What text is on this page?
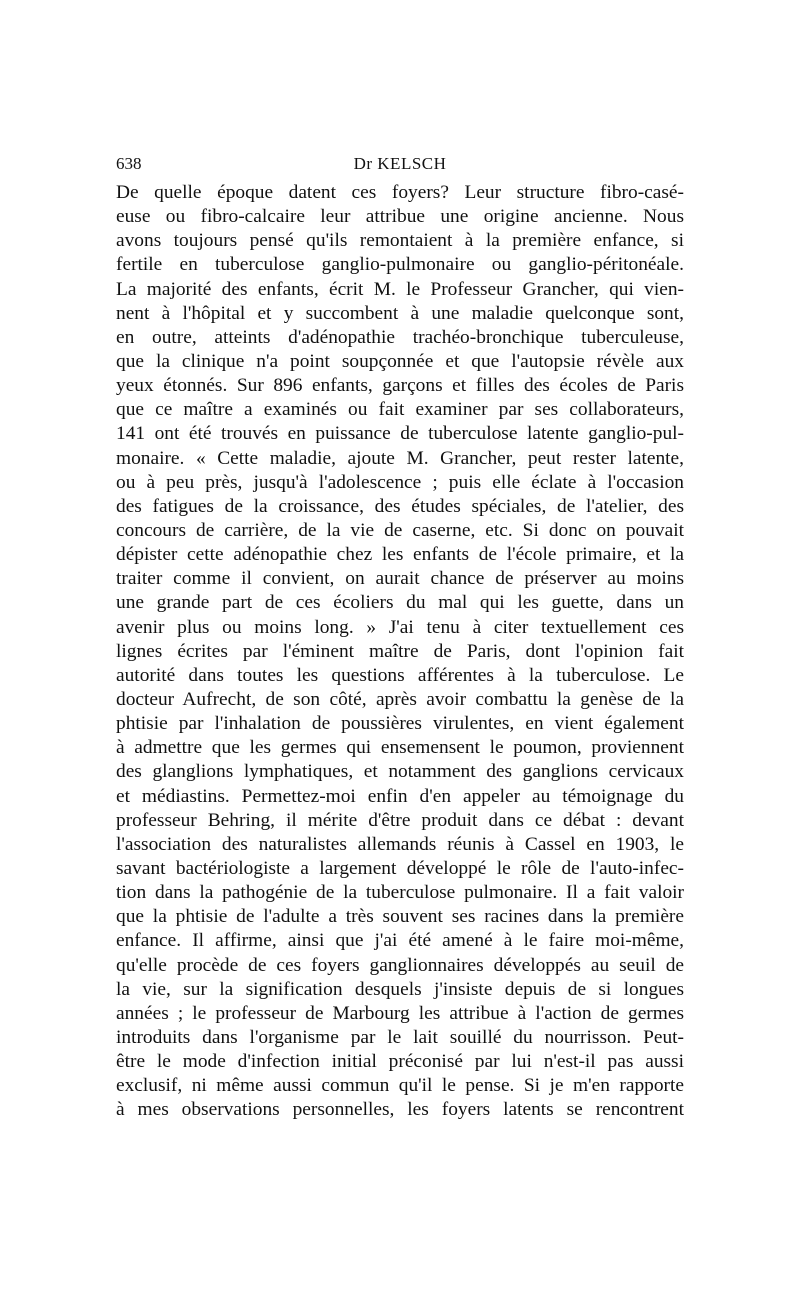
638	Dr KELSCH
De quelle époque datent ces foyers? Leur structure fibro-casé-
euse ou fibro-calcaire leur attribue une origine ancienne. Nous
avons toujours pensé qu'ils remontaient à la première enfance, si
fertile en tuberculose ganglio-pulmonaire ou ganglio-péritonéale.
La majorité des enfants, écrit M. le Professeur Grancher, qui vien-
nent à l'hôpital et y succombent à une maladie quelconque sont,
en outre, atteints d'adénopathie trachéo-bronchique tuberculeuse,
que la clinique n'a point soupçonnée et que l'autopsie révèle aux
yeux étonnés. Sur 896 enfants, garçons et filles des écoles de Paris
que ce maître a examinés ou fait examiner par ses collaborateurs,
141 ont été trouvés en puissance de tuberculose latente ganglio-pul-
monaire. « Cette maladie, ajoute M. Grancher, peut rester latente,
ou à peu près, jusqu'à l'adolescence ; puis elle éclate à l'occasion
des fatigues de la croissance, des études spéciales, de l'atelier, des
concours de carrière, de la vie de caserne, etc. Si donc on pouvait
dépister cette adénopathie chez les enfants de l'école primaire, et la
traiter comme il convient, on aurait chance de préserver au moins
une grande part de ces écoliers du mal qui les guette, dans un
avenir plus ou moins long. » J'ai tenu à citer textuellement ces
lignes écrites par l'éminent maître de Paris, dont l'opinion fait
autorité dans toutes les questions afférentes à la tuberculose. Le
docteur Aufrecht, de son côté, après avoir combattu la genèse de la
phtisie par l'inhalation de poussières virulentes, en vient également
à admettre que les germes qui ensemensent le poumon, proviennent
des glanglions lymphatiques, et notamment des ganglions cervicaux
et médiastins. Permettez-moi enfin d'en appeler au témoignage du
professeur Behring, il mérite d'être produit dans ce débat : devant
l'association des naturalistes allemands réunis à Cassel en 1903, le
savant bactériologiste a largement développé le rôle de l'auto-infec-
tion dans la pathogénie de la tuberculose pulmonaire. Il a fait valoir
que la phtisie de l'adulte a très souvent ses racines dans la première
enfance. Il affirme, ainsi que j'ai été amené à le faire moi-même,
qu'elle procède de ces foyers ganglionnaires développés au seuil de
la vie, sur la signification desquels j'insiste depuis de si longues
années ; le professeur de Marbourg les attribue à l'action de germes
introduits dans l'organisme par le lait souillé du nourrisson. Peut-
être le mode d'infection initial préconisé par lui n'est-il pas aussi
exclusif, ni même aussi commun qu'il le pense. Si je m'en rapporte
à mes observations personnelles, les foyers latents se rencontrent
